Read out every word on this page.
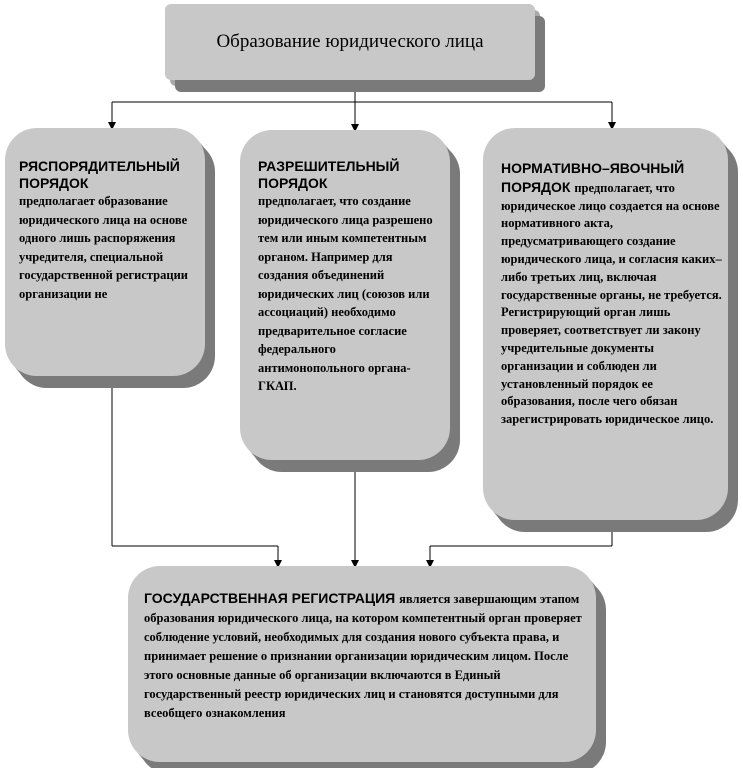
Образование юридического лица
РЯСПОРЯДИТЕЛЬНЫЙ ПОРЯДОК
предполагает образование юридического лица на основе одного лишь распоряжения учредителя, специальной государственной регистрации организации не
РАЗРЕШИТЕЛЬНЫЙ ПОРЯДОК
предполагает, что создание юридического лица разрешено тем или иным компетентным органом. Например для создания объединений юридических лиц (союзов или ассоциаций) необходимо предварительное согласие федерального антимонопольного органа- ГКАП.
НОРМАТИВНО–ЯВОЧНЫЙ ПОРЯДОК предполагает, что юридическое лицо создается на основе нормативного акта, предусматривающего создание юридического лица, и согласия каких–либо третьих лиц, включая государственные органы, не требуется. Регистрирующий орган лишь проверяет, соответствует ли закону учредительные документы организации и соблюден ли установленный порядок ее образования, после чего обязан зарегистрировать юридическое лицо.
ГОСУДАРСТВЕННАЯ РЕГИСТРАЦИЯ является завершающим этапом образования юридического лица, на котором компетентный орган проверяет соблюдение условий, необходимых для создания нового субъекта права, и принимает решение о признании организации юридическим лицом. После этого основные данные об организации включаются в Единый государственный реестр юридических лиц и становятся доступными для всеобщего ознакомления
